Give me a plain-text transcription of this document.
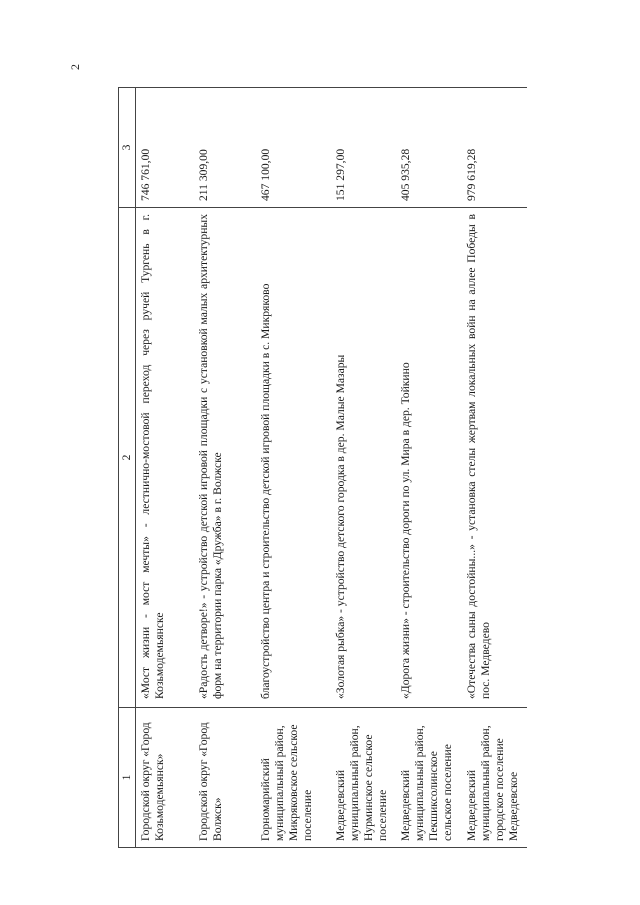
2
1	2	3
Городской округ «Город Козьмодемьянск»	«Мост жизни - мост мечты» - лестнично-мостовой переход через ручей Тургень в г. Козьмодемьянске	746 761,00
Городской округ «Город Волжск»	«Радость детворе!» - устройство детской игровой площадки с установкой малых архитектурных форм на территории парка «Дружба» в г. Волжске	211 309,00
Горномарийский муниципальный район, Микряковское сельское поселение	благоустройство центра и строительство детской игровой площадки в с. Микряково	467 100,00
Медведевский муниципальный район, Нурминское сельское поселение	«Золотая рыбка» - устройство детского городка в дер. Малые Мазары	151 297,00
Медведевский муниципальный район, Пекшиксолинское сельское поселение	«Дорога жизни» - строительство дороги по ул. Мира в дер. Тойкино	405 935,28
Медведевский муниципальный район, городское поселение Медведевское	«Отечества сыны достойны...» - установка стелы жертвам локальных войн на аллее Победы в пос. Медведево	979 619,28
